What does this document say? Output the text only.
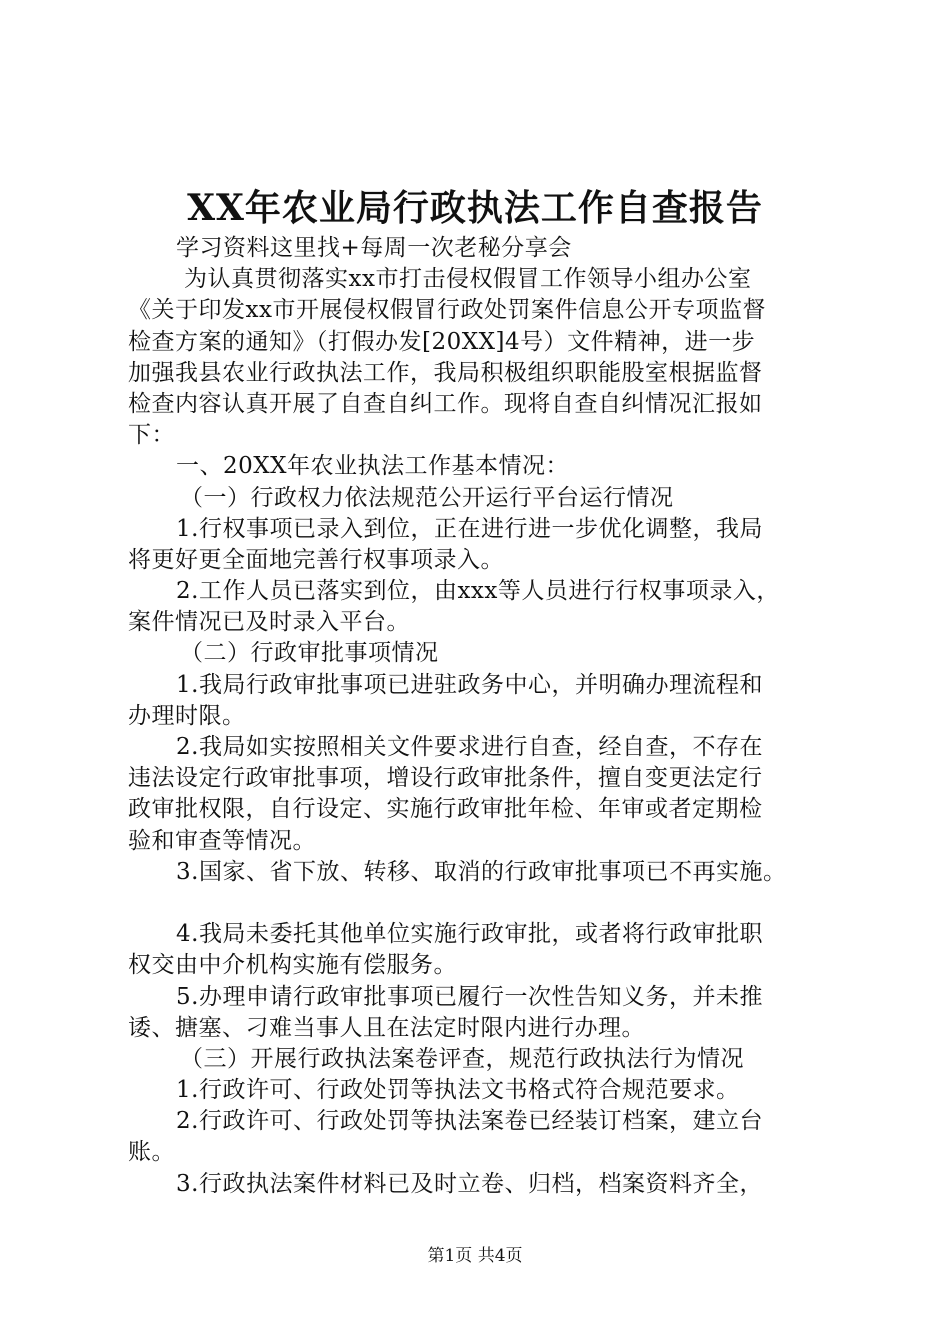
XX年农业局行政执法工作自查报告
学习资料这里找+每周一次老秘分享会
为认真贯彻落实xx市打击侵权假冒工作领导小组办公室
《关于印发xx市开展侵权假冒行政处罚案件信息公开专项监督
检查方案的通知》（打假办发[20XX]4号）文件精神，进一步
加强我县农业行政执法工作，我局积极组织职能股室根据监督
检查内容认真开展了自查自纠工作。现将自查自纠情况汇报如
下：
一、20XX年农业执法工作基本情况：
（一）行政权力依法规范公开运行平台运行情况
1.行权事项已录入到位，正在进行进一步优化调整，我局
将更好更全面地完善行权事项录入。
2.工作人员已落实到位，由xxx等人员进行行权事项录入，
案件情况已及时录入平台。
（二）行政审批事项情况
1.我局行政审批事项已进驻政务中心，并明确办理流程和
办理时限。
2.我局如实按照相关文件要求进行自查，经自查，不存在
违法设定行政审批事项，增设行政审批条件，擅自变更法定行
政审批权限，自行设定、实施行政审批年检、年审或者定期检
验和审查等情况。
3.国家、省下放、转移、取消的行政审批事项已不再实施。
4.我局未委托其他单位实施行政审批，或者将行政审批职
权交由中介机构实施有偿服务。
5.办理申请行政审批事项已履行一次性告知义务，并未推
诿、搪塞、刁难当事人且在法定时限内进行办理。
（三）开展行政执法案卷评查，规范行政执法行为情况
1.行政许可、行政处罚等执法文书格式符合规范要求。
2.行政许可、行政处罚等执法案卷已经装订档案，建立台
账。
3.行政执法案件材料已及时立卷、归档，档案资料齐全，
第1页 共4页
